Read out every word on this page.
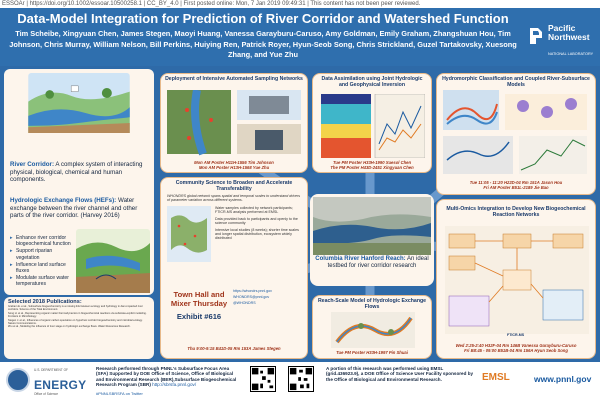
ESSOAr | https://doi.org/10.1002/essoar.10500258.1 | CC_BY_4.0 | First posted online: Mon, 7 Jan 2019 09:49:31 | This content has not been peer reviewed.
Data-Model Integration for Prediction of River Corridor and Watershed Function
Tim Scheibe, Xingyuan Chen, James Stegen, Maoyi Huang, Vanessa Garayburu-Caruso, Amy Goldman, Emily Graham, Zhangshuan Hou, Tim Johnson, Chris Murray, William Nelson, Bill Perkins, Huiying Ren, Patrick Royer, Hyun-Seob Song, Chris Strickland, Guzel Tartakovsky, Xuesong Zhang, and Yue Zhu
Pacific
Northwest
NATIONAL LABORATORY
River Corridor: A complex system of interacting physical, biological, chemical and human components.
Hydrologic Exchange Flows (HEFs): Water exchange between the river channel and other parts of the river corridor. (Harvey 2016)
▸ Enhance river corridor biogeochemical function
▸ Support riparian vegetation
▸ Influence land surface fluxes
▸ Modulate surface water temperatures
Selected 2018 Publications:
Graham E. et al., Subsurface biogeochemistry is a missing link between ecology and hydrology in dam-impacted river corridors. Science of the Total Environment.
Song H. et al., Representing organic matter thermodynamics in biogeochemical reactions via substrate-explicit modeling. Frontiers in Microbiology.
Stegen J. et al., Influences of organic carbon speciation on hyporheic corridor biogeochemistry and microbial ecology. Nature Communications.
Zhu et al., Modeling the influence of river stage on hydrologic exchange flows. Water Resources Research.
Deployment of Intensive Automated Sampling Networks
Mon AM Poster H11H-1556 Tim Johnson
Mon AM Poster H13H-1568 Yue Zhu
Data Assimilation using Joint Hydrologic and Geophysical Inversion
Tue PM Poster H33H-1990 Xuesol Chen
The PM Poster H43D-2451 Xingyuan Chen
Hydromorphic Classification and Coupled River-Subsurface Models
Tue 11:05 - 11:20 H22D-04 Rm 151A Jason Hou
Fri AM Poster B51L-2189 Jie Bao
Community Science to Broaden and Accelerate Transferability
WHONDRS global network spans spatial and temporal scales to understand drivers of parameter variation across different systems.
Water samples collected by network participants; FTICR-MS analysis performed at EMSL
Data provided back to participants and openly to the science community
Intensive local studies (8 weeks); shorter time scales and longer spatial distribution, ecosystem widely distributed
Town Hall and Mixer Thursday
Exhibit #616
https://whondrs.pnnl.gov
WHONDRS@pnnl.gov
@WHONDRS
Thu 9:00-9:15 B41D-05 Rm 153A James Stegen
Columbia River Hanford Reach: An ideal testbed for river corridor research
Reach-Scale Model of Hydrologic Exchange Flows
Tue PM Poster H33H-1997 Pin Shuai
Multi-Omics Integration to Develop New Biogeochemical Reaction Networks
FTICR-MS
Wed 2:25-2:40 H32F-04 Rm 146B Vanessa Garayburu-Caruso
Fri B8:45 - 09:00 B51B-04 Rm 156A Hyun Seob Song
U.S. DEPARTMENT OF
ENERGY
Office of Science
Research performed through PNNL's Subsurface Focus Area (SFA) Supported by DOE Office of Science, Office of Biological and Environmental Research (BER),Subsurface Biogeochemical Research Program (SBR) http://sbrsfa.pnnl.gov/
#PNNLSBRSFA on Twitter
A portion of this research was performed using EMSL (grid.436923.9), a DOE Office of Science User Facility sponsored by the Office of Biological and Environmental Research.	EMSL	www.pnnl.gov
